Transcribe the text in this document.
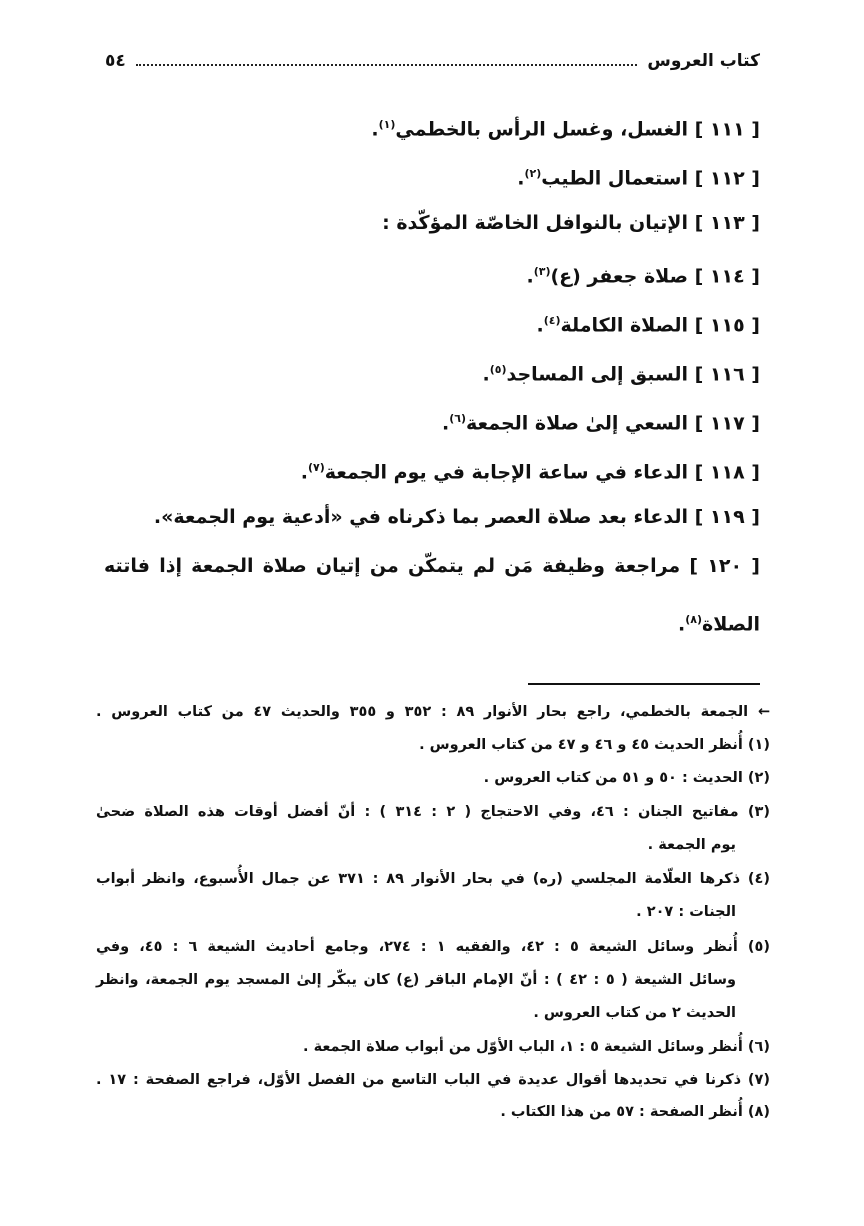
كتاب العروس
٥٤
[ ١١١ ] الغسل، وغسل الرأس بالخطمي$^{(١)}$.
[ ١١٢ ] استعمال الطيب$^{(٢)}$.
[ ١١٣ ] الإتيان بالنوافل الخاصّة المؤكّدة :
[ ١١٤ ] صلاة جعفر (ع)$^{(٣)}$.
[ ١١٥ ] الصلاة الكاملة$^{(٤)}$.
[ ١١٦ ] السبق إلى المساجد$^{(٥)}$.
[ ١١٧ ] السعي إلىٰ صلاة الجمعة$^{(٦)}$.
[ ١١٨ ] الدعاء في ساعة الإجابة في يوم الجمعة$^{(٧)}$.
[ ١١٩ ] الدعاء بعد صلاة العصر بما ذكرناه في «أدعية يوم الجمعة».
[ ١٢٠ ] مراجعة وظيفة مَن لم يتمكّن من إتيان صلاة الجمعة إذا فاتته
الصلاة$^{(٨)}$.
← الجمعة بالخطمي، راجع بحار الأنوار ٨٩ : ٣٥٢ و ٣٥٥ والحديث ٤٧ من كتاب العروس .
(١) أُنظر الحديث ٤٥ و ٤٦ و ٤٧ من كتاب العروس .
(٢) الحديث : ٥٠ و ٥١ من كتاب العروس .
(٣) مفاتيح الجنان : ٤٦، وفي الاحتجاج ( ٢ : ٣١٤ ) : أنّ أفضل أوقات هذه الصلاة ضحىٰ
يوم الجمعة .
(٤) ذكرها العلّامة المجلسي (ره) في بحار الأنوار ٨٩ : ٣٧١ عن جمال الأُسبوع، وانظر أبواب
الجنات : ٢٠٧ .
(٥) أُنظر وسائل الشيعة ٥ : ٤٢، والفقيه ١ : ٢٧٤، وجامع أحاديث الشيعة ٦ : ٤٥، وفي
وسائل الشيعة ( ٥ : ٤٢ ) : أنّ الإمام الباقر (ع) كان يبكّر إلىٰ المسجد يوم الجمعة، وانظر
الحديث ٢ من كتاب العروس .
(٦) أُنظر وسائل الشيعة ٥ : ١، الباب الأوّل من أبواب صلاة الجمعة .
(٧) ذكرنا في تحديدها أقوال عديدة في الباب التاسع من الفصل الأوّل، فراجع الصفحة : ١٧ .
(٨) أُنظر الصفحة : ٥٧ من هذا الكتاب .
